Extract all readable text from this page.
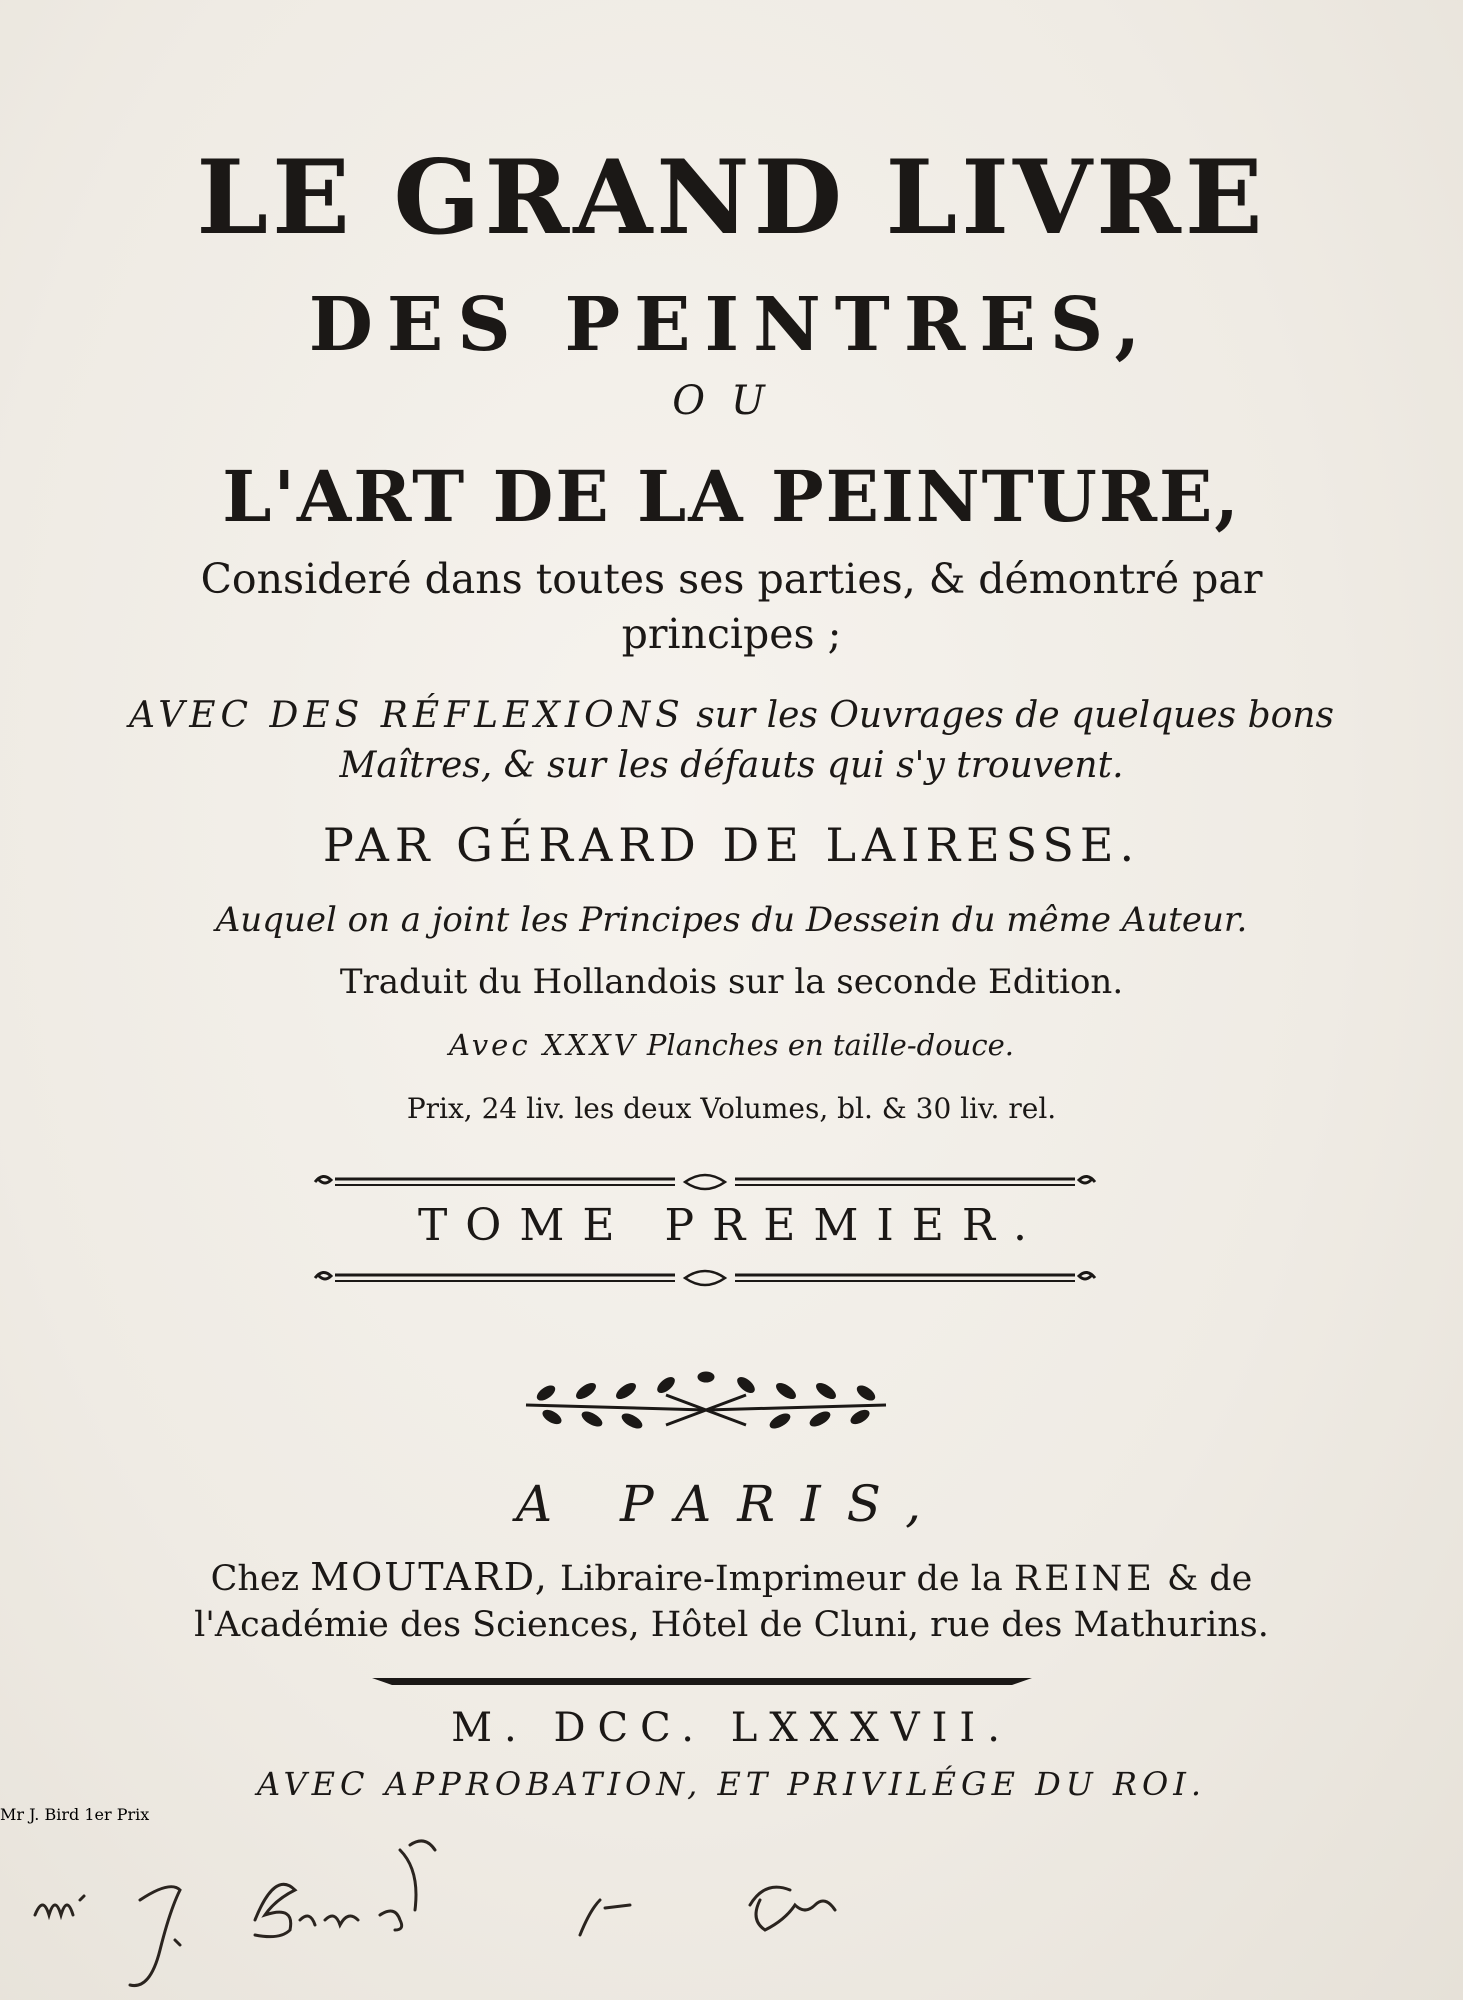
LE GRAND LIVRE
DES PEINTRES,
OU
L'ART DE LA PEINTURE,
Consideré dans toutes ses parties, & démontré par
principes ;
AVEC DES RÉFLEXIONS sur les Ouvrages de quelques bons
Maîtres, & sur les défauts qui s'y trouvent.
PAR GÉRARD DE LAIRESSE.
Auquel on a joint les Principes du Dessein du même Auteur.
Traduit du Hollandois sur la seconde Edition.
Avec XXXV Planches en taille-douce.
Prix, 24 liv. les deux Volumes, bl. & 30 liv. rel.
TOME PREMIER.
A PARIS,
Chez MOUTARD, Libraire-Imprimeur de la REINE & de
l'Académie des Sciences, Hôtel de Cluni, rue des Mathurins.
M. DCC. LXXXVII.
AVEC APPROBATION, ET PRIVILÉGE DU ROI.
Mr J. Bird 1er Prix
